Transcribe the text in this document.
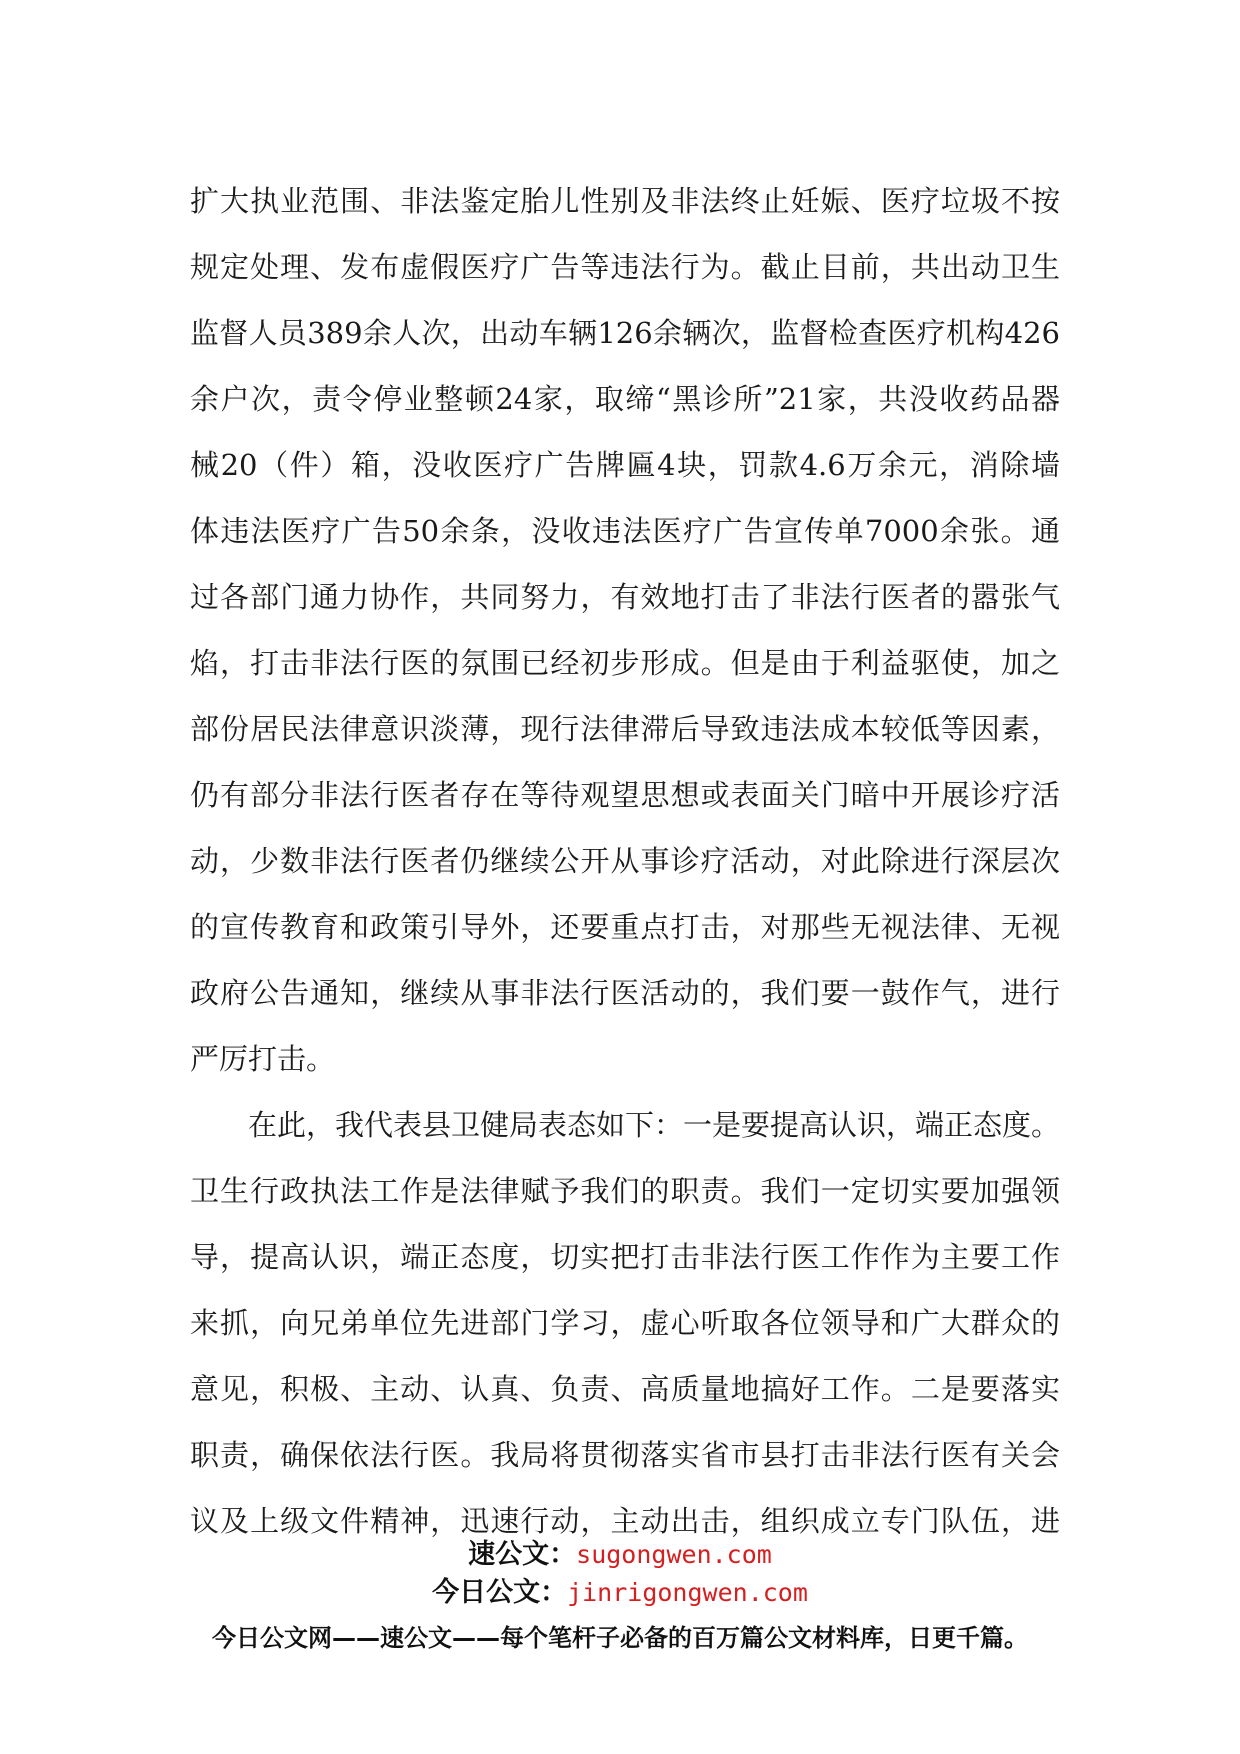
扩大执业范围、非法鉴定胎儿性别及非法终止妊娠、医疗垃圾不按
规定处理、发布虚假医疗广告等违法行为。截止目前，共出动卫生
监督人员389余人次，出动车辆126余辆次，监督检查医疗机构426
余户次，责令停业整顿24家，取缔“黑诊所”21家，共没收药品器
械20（件）箱，没收医疗广告牌匾4块，罚款4.6万余元，消除墙
体违法医疗广告50余条，没收违法医疗广告宣传单7000余张。通
过各部门通力协作，共同努力，有效地打击了非法行医者的嚣张气
焰，打击非法行医的氛围已经初步形成。但是由于利益驱使，加之
部份居民法律意识淡薄，现行法律滞后导致违法成本较低等因素，
仍有部分非法行医者存在等待观望思想或表面关门暗中开展诊疗活
动，少数非法行医者仍继续公开从事诊疗活动，对此除进行深层次
的宣传教育和政策引导外，还要重点打击，对那些无视法律、无视
政府公告通知，继续从事非法行医活动的，我们要一鼓作气，进行
严厉打击。
在此，我代表县卫健局表态如下：一是要提高认识，端正态度。
卫生行政执法工作是法律赋予我们的职责。我们一定切实要加强领
导，提高认识，端正态度，切实把打击非法行医工作作为主要工作
来抓，向兄弟单位先进部门学习，虚心听取各位领导和广大群众的
意见，积极、主动、认真、负责、高质量地搞好工作。二是要落实
职责，确保依法行医。我局将贯彻落实省市县打击非法行医有关会
议及上级文件精神，迅速行动，主动出击，组织成立专门队伍，进
速公文：sugongwen.com
今日公文：jinrigongwen.com
今日公文网——速公文——每个笔杆子必备的百万篇公文材料库，日更千篇。
